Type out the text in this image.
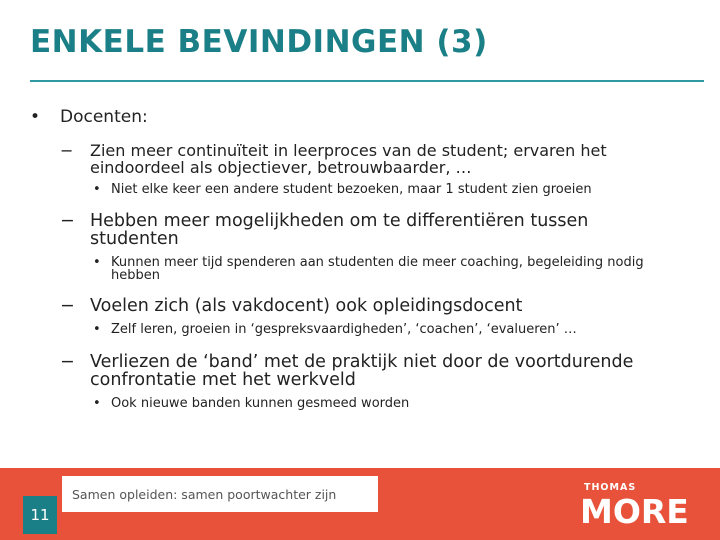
ENKELE BEVINDINGEN (3)
• Docenten:
− Zien meer continuïteit in leerproces van de student; ervaren het eindoordeel als objectiever, betrouwbaarder, …
• Niet elke keer een andere student bezoeken, maar 1 student zien groeien
− Hebben meer mogelijkheden om te differentiëren tussen studenten
• Kunnen meer tijd spenderen aan studenten die meer coaching, begeleiding nodig hebben
− Voelen zich (als vakdocent) ook opleidingsdocent
• Zelf leren, groeien in ‘gespreksvaardigheden’, ‘coachen’, ‘evalueren’ …
− Verliezen de ‘band’ met de praktijk niet door de voortdurende confrontatie met het werkveld
• Ook nieuwe banden kunnen gesmeed worden
Samen opleiden: samen poortwachter zijn
11
THOMAS
MORE
